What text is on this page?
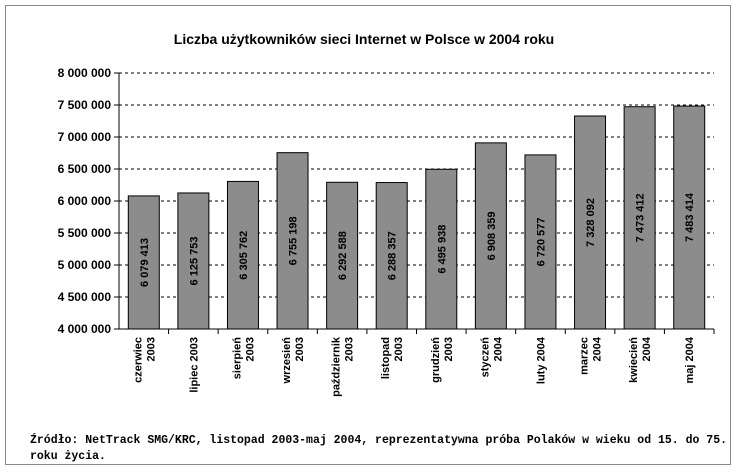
Liczba użytkowników sieci Internet w Polsce w 2004 roku
4 000 000
4 500 000
5 000 000
5 500 000
6 000 000
6 500 000
7 000 000
7 500 000
8 000 000
6 079 413	6 125 753	6 305 762	6 755 198	6 292 588	6 288 357	6 495 938	6 908 359	6 720 577	7 328 092	7 473 412	7 483 414
czerwiec 2003	lipiec 2003	sierpień 2003 wrzesień 2003 październik 2003 listopad 2003 grudzień 2003 styczeń 2004	luty 2004	marzec 2004 kwiecień 2004	maj 2004
Źródło: NetTrack SMG/KRC, listopad 2003-maj 2004, reprezentatywna próba Polaków w wieku od 15. do 75. roku życia.
